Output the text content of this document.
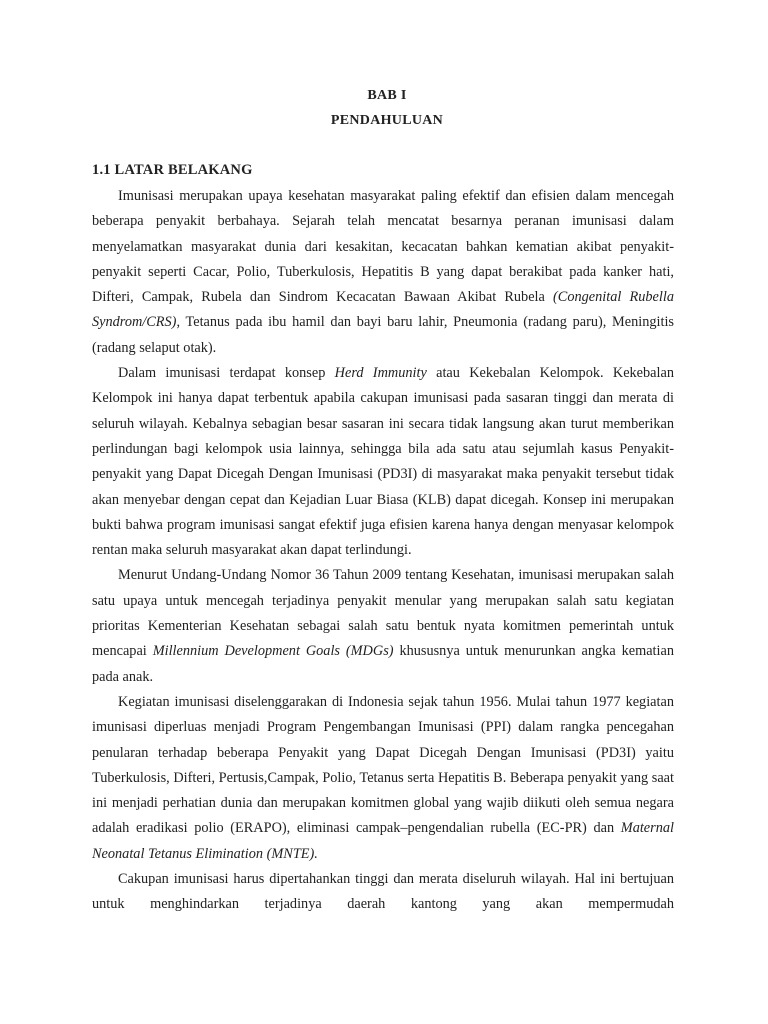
BAB I
PENDAHULUAN
1.1 LATAR BELAKANG

Imunisasi merupakan upaya kesehatan masyarakat paling efektif dan efisien dalam mencegah beberapa penyakit berbahaya. Sejarah telah mencatat besarnya peranan imunisasi dalam menyelamatkan masyarakat dunia dari kesakitan, kecacatan bahkan kematian akibat penyakit-penyakit seperti Cacar, Polio, Tuberkulosis, Hepatitis B yang dapat berakibat pada kanker hati, Difteri, Campak, Rubela dan Sindrom Kecacatan Bawaan Akibat Rubela (Congenital Rubella Syndrom/CRS), Tetanus pada ibu hamil dan bayi baru lahir, Pneumonia (radang paru), Meningitis (radang selaput otak).

Dalam imunisasi terdapat konsep Herd Immunity atau Kekebalan Kelompok. Kekebalan Kelompok ini hanya dapat terbentuk apabila cakupan imunisasi pada sasaran tinggi dan merata di seluruh wilayah. Kebalnya sebagian besar sasaran ini secara tidak langsung akan turut memberikan perlindungan bagi kelompok usia lainnya, sehingga bila ada satu atau sejumlah kasus Penyakit-penyakit yang Dapat Dicegah Dengan Imunisasi (PD3I) di masyarakat maka penyakit tersebut tidak akan menyebar dengan cepat dan Kejadian Luar Biasa (KLB) dapat dicegah. Konsep ini merupakan bukti bahwa program imunisasi sangat efektif juga efisien karena hanya dengan menyasar kelompok rentan maka seluruh masyarakat akan dapat terlindungi.

Menurut Undang-Undang Nomor 36 Tahun 2009 tentang Kesehatan, imunisasi merupakan salah satu upaya untuk mencegah terjadinya penyakit menular yang merupakan salah satu kegiatan prioritas Kementerian Kesehatan sebagai salah satu bentuk nyata komitmen pemerintah untuk mencapai Millennium Development Goals (MDGs) khususnya untuk menurunkan angka kematian pada anak.

Kegiatan imunisasi diselenggarakan di Indonesia sejak tahun 1956. Mulai tahun 1977 kegiatan imunisasi diperluas menjadi Program Pengembangan Imunisasi (PPI) dalam rangka pencegahan penularan terhadap beberapa Penyakit yang Dapat Dicegah Dengan Imunisasi (PD3I) yaitu Tuberkulosis, Difteri, Pertusis,Campak, Polio, Tetanus serta Hepatitis B. Beberapa penyakit yang saat ini menjadi perhatian dunia dan merupakan komitmen global yang wajib diikuti oleh semua negara adalah eradikasi polio (ERAPO), eliminasi campak–pengendalian rubella (EC-PR) dan Maternal Neonatal Tetanus Elimination (MNTE).

Cakupan imunisasi harus dipertahankan tinggi dan merata diseluruh wilayah. Hal ini bertujuan untuk menghindarkan terjadinya daerah kantong yang akan mempermudah
